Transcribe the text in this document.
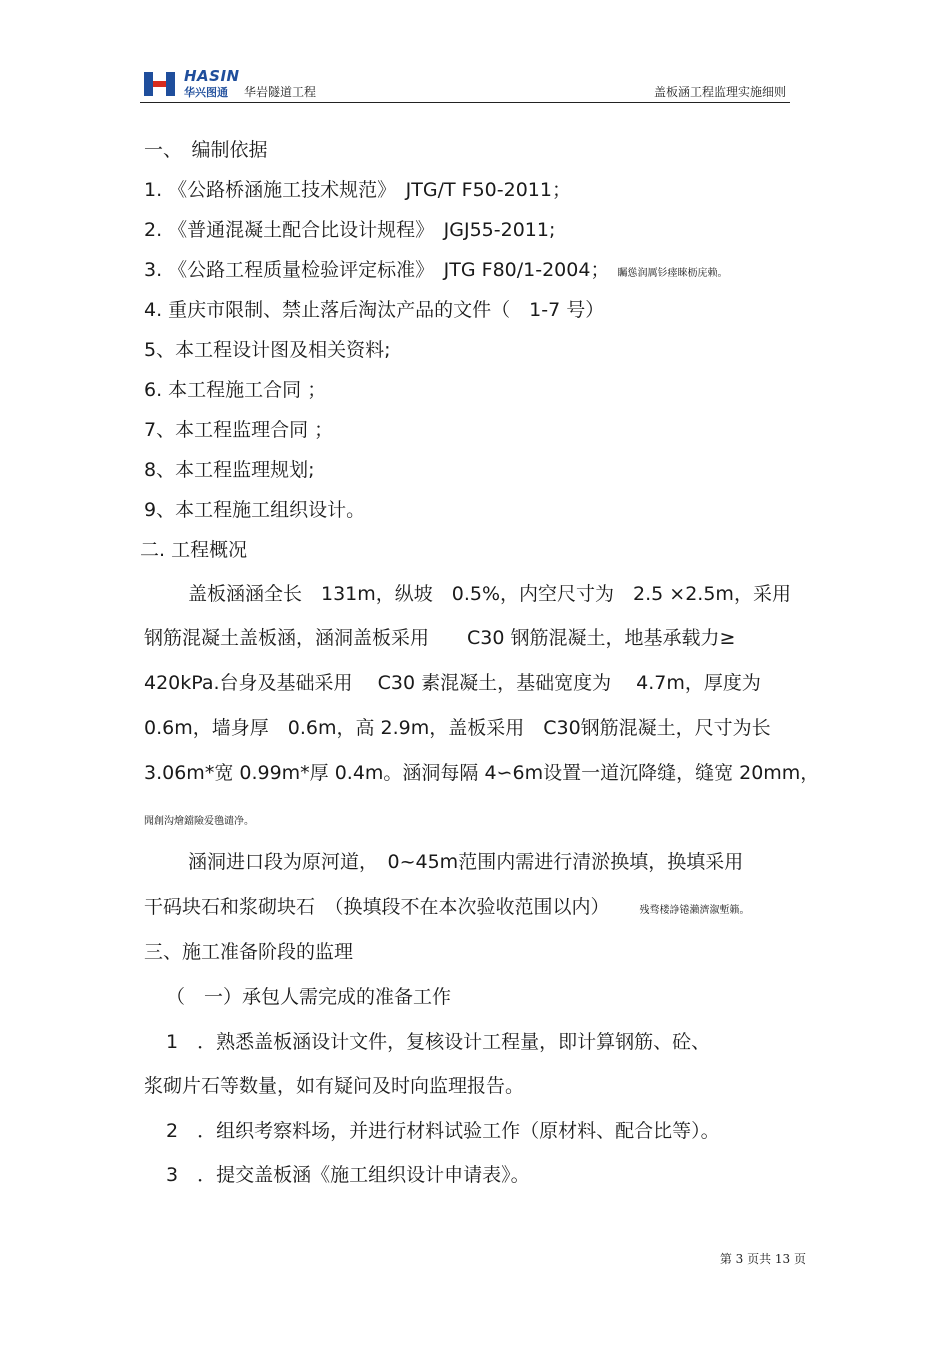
HASIN
华兴图通 华岩隧道工程	盖板涵工程监理实施细则
一、　编制依据
1. 《公路桥涵施工技术规范》　JTG/T F50-2011；
2. 《普通混凝土配合比设计规程》　JGJ55-2011;
3. 《公路工程质量检验评定标准》　JTG F80/1-2004； 矚慫润厲钐瘗睞枥庑赖。
4. 重庆市限制、禁止落后淘汰产品的文件（　1-7 号）
5、本工程设计图及相关资料;
6. 本工程施工合同 ；
7、本工程监理合同 ；
8、本工程监理规划;
9、本工程施工组织设计。
二. 工程概况
盖板涵涵全长　131m，纵坡　0.5%，内空尺寸为　2.5 ×2.5m，采用
钢筋混凝土盖板涵，涵洞盖板采用　　C30 钢筋混凝土，地基承载力≥
420kPa.台身及基础采用　 C30 素混凝土，基础宽度为　 4.7m，厚度为
0.6m，墙身厚　0.6m，高 2.9m，盖板采用　C30钢筋混凝土，尺寸为长
3.06m*宽 0.99m*厚 0.4m。涵洞每隔 4∽6m设置一道沉降缝，缝宽 20mm，
聞創沟燴鐺險爱氇谴净。
涵洞进口段为原河道，　0~45m范围内需进行清淤换填，换填采用
干码块石和浆砌块石　（换填段不在本次验收范围以内）	残骛楼諍锩瀨濟溆塹籟。
三、施工准备阶段的监理
（　一）承包人需完成的准备工作
1　．熟悉盖板涵设计文件，复核设计工程量，即计算钢筋、砼、
浆砌片石等数量，如有疑问及时向监理报告。
2　．组织考察料场，并进行材料试验工作（原材料、配合比等）。
3　．提交盖板涵《施工组织设计申请表》。
第 3 页共 13 页
